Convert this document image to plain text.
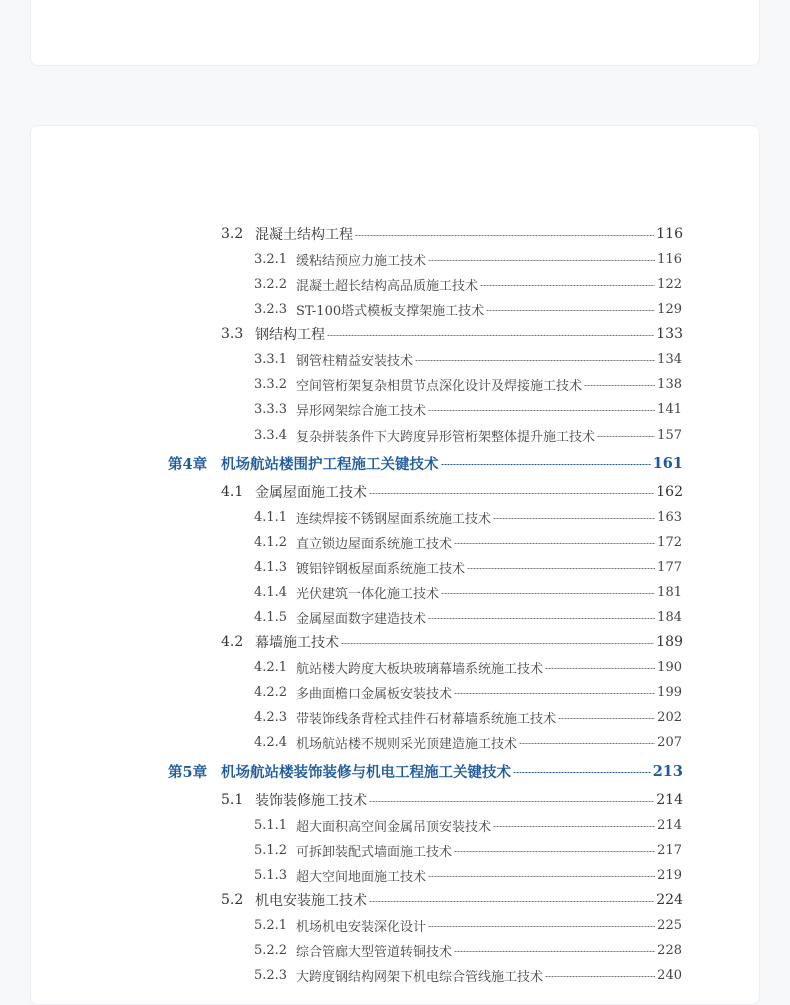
3.2 混凝土结构工程	116
3.2.1 缓粘结预应力施工技术	116
3.2.2 混凝土超长结构高品质施工技术	122
3.2.3 ST-100塔式模板支撑架施工技术	129
3.3 钢结构工程	133
3.3.1 钢管柱精益安装技术	134
3.3.2 空间管桁架复杂相贯节点深化设计及焊接施工技术	138
3.3.3 异形网架综合施工技术	141
3.3.4 复杂拼装条件下大跨度异形管桁架整体提升施工技术	157
第4章 机场航站楼围护工程施工关键技术	161
4.1 金属屋面施工技术	162
4.1.1 连续焊接不锈钢屋面系统施工技术	163
4.1.2 直立锁边屋面系统施工技术	172
4.1.3 镀铝锌钢板屋面系统施工技术	177
4.1.4 光伏建筑一体化施工技术	181
4.1.5 金属屋面数字建造技术	184
4.2 幕墙施工技术	189
4.2.1 航站楼大跨度大板块玻璃幕墙系统施工技术	190
4.2.2 多曲面檐口金属板安装技术	199
4.2.3 带装饰线条背栓式挂件石材幕墙系统施工技术	202
4.2.4 机场航站楼不规则采光顶建造施工技术	207
第5章 机场航站楼装饰装修与机电工程施工关键技术	213
5.1 装饰装修施工技术	214
5.1.1 超大面积高空间金属吊顶安装技术	214
5.1.2 可拆卸装配式墙面施工技术	217
5.1.3 超大空间地面施工技术	219
5.2 机电安装施工技术	224
5.2.1 机场机电安装深化设计	225
5.2.2 综合管廊大型管道转铜技术	228
5.2.3 大跨度钢结构网架下机电综合管线施工技术	240
